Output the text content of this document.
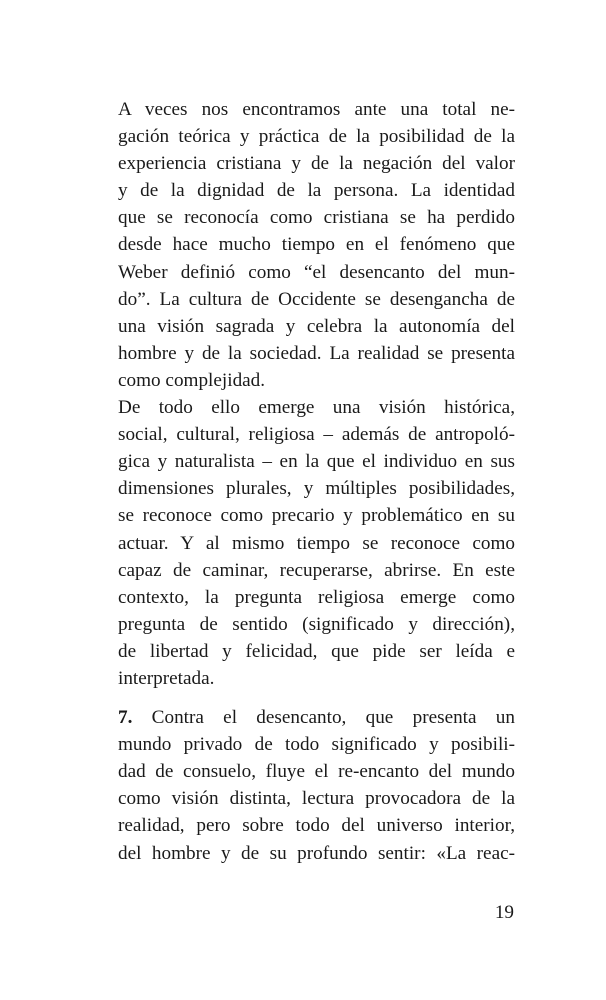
A veces nos encontramos ante una total ne-
gación teórica y práctica de la posibilidad de la
experiencia cristiana y de la negación del valor
y de la dignidad de la persona. La identidad
que se reconocía como cristiana se ha perdido
desde hace mucho tiempo en el fenómeno que
Weber definió como “el desencanto del mun-
do”. La cultura de Occidente se desengancha de
una visión sagrada y celebra la autonomía del
hombre y de la sociedad. La realidad se presenta
como complejidad.
De todo ello emerge una visión histórica,
social, cultural, religiosa – además de antropoló-
gica y naturalista – en la que el individuo en sus
dimensiones plurales, y múltiples posibilidades,
se reconoce como precario y problemático en su
actuar. Y al mismo tiempo se reconoce como
capaz de caminar, recuperarse, abrirse. En este
contexto, la pregunta religiosa emerge como
pregunta de sentido (significado y dirección),
de libertad y felicidad, que pide ser leída e
interpretada.
7. Contra el desencanto, que presenta un
mundo privado de todo significado y posibili-
dad de consuelo, fluye el re-encanto del mundo
como visión distinta, lectura provocadora de la
realidad, pero sobre todo del universo interior,
del hombre y de su profundo sentir: «La reac-
19
